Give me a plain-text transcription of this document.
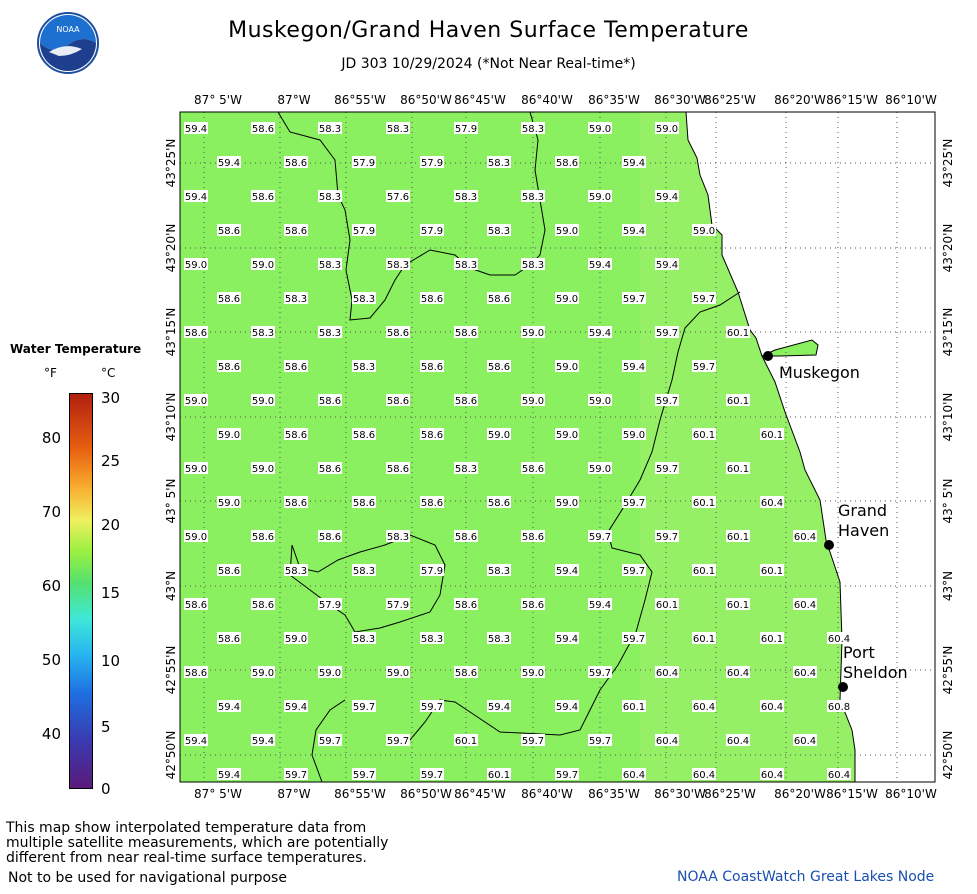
NOAA	Muskegon/Grand Haven Surface Temperature
JD 303 10/29/2024 (*Not Near Real-time*)
87° 5'W	87°W 86°55'W 86°50'W 86°45'W 86°40'W 86°35'W 86°30'W
86°25'W 86°20'W 86°15'W 86°10'W
87° 5'W	87°W 86°55'W 86°50'W 86°45'W 86°40'W 86°35'W 86°30'W
86°25'W 86°20'W 86°15'W 86°10'W
43°25'N
43°20'N
43°15'N
43°10'N
43° 5'N
43°N
42°55'N
42°50'N
43°25'N
43°20'N
43°15'N
43°10'N
43° 5'N
43°N
42°55'N
42°50'N
59.4	58.6	58.3	58.3	57.9	58.3	59.0	59.0
59.4	58.6	57.9	57.9	58.3	58.6	59.4
59.4	58.6	58.3	57.6	58.3	58.3	59.0	59.4
58.6	58.6	57.9	57.9	58.3	59.0	59.4	59.0
59.0	59.0	58.3	58.3	58.3	58.3	59.4	59.4
58.6	58.3	58.3	58.6	58.6	59.0	59.7	59.7
58.6	58.3	58.3	58.6	58.6	59.0	59.4	59.7	60.1
58.6	58.6	58.3	58.6	58.6	59.0	59.4	59.7
59.0	59.0	58.6	58.6	58.6	59.0	59.0	59.7	60.1
59.0	58.6	58.6	58.6	59.0	59.0	59.0	60.1	60.1
59.0	59.0	58.6	58.6	58.3	58.6	59.0	59.7	60.1
59.0	58.6	58.6	58.6	58.6	59.0	59.7	60.1	60.4
59.0	58.6	58.6	58.3	58.6	58.6	59.7	59.7	60.1	60.4
58.6	58.3	58.3	57.9	58.3	59.4	59.7	60.1	60.1
58.6	58.6	57.9	57.9	58.6	58.6	59.4	60.1	60.1	60.4
58.6	59.0	58.3	58.3	58.3	59.4	59.7	60.1	60.1	60.4
58.6	59.0	59.0	59.0	58.6	59.0	59.7	60.4	60.4	60.4
59.4	59.4	59.7	59.7	59.4	59.4	60.1	60.4	60.4	60.8
59.4	59.4	59.7	59.7	60.1	59.7	59.7	60.4	60.4	60.4
59.4	59.7	59.7	59.7	60.1	59.7	60.4	60.4	60.4	60.4
Muskegon
Grand
Haven
Port
Sheldon
Water Temperature
°F	°C
80
70
60
50
40
30
25
20
15
10
5
0
This map show interpolated temperature data from
multiple satellite measurements, which are potentially
different from near real-time surface temperatures.
Not to be used for navigational purpose	NOAA CoastWatch Great Lakes Node
